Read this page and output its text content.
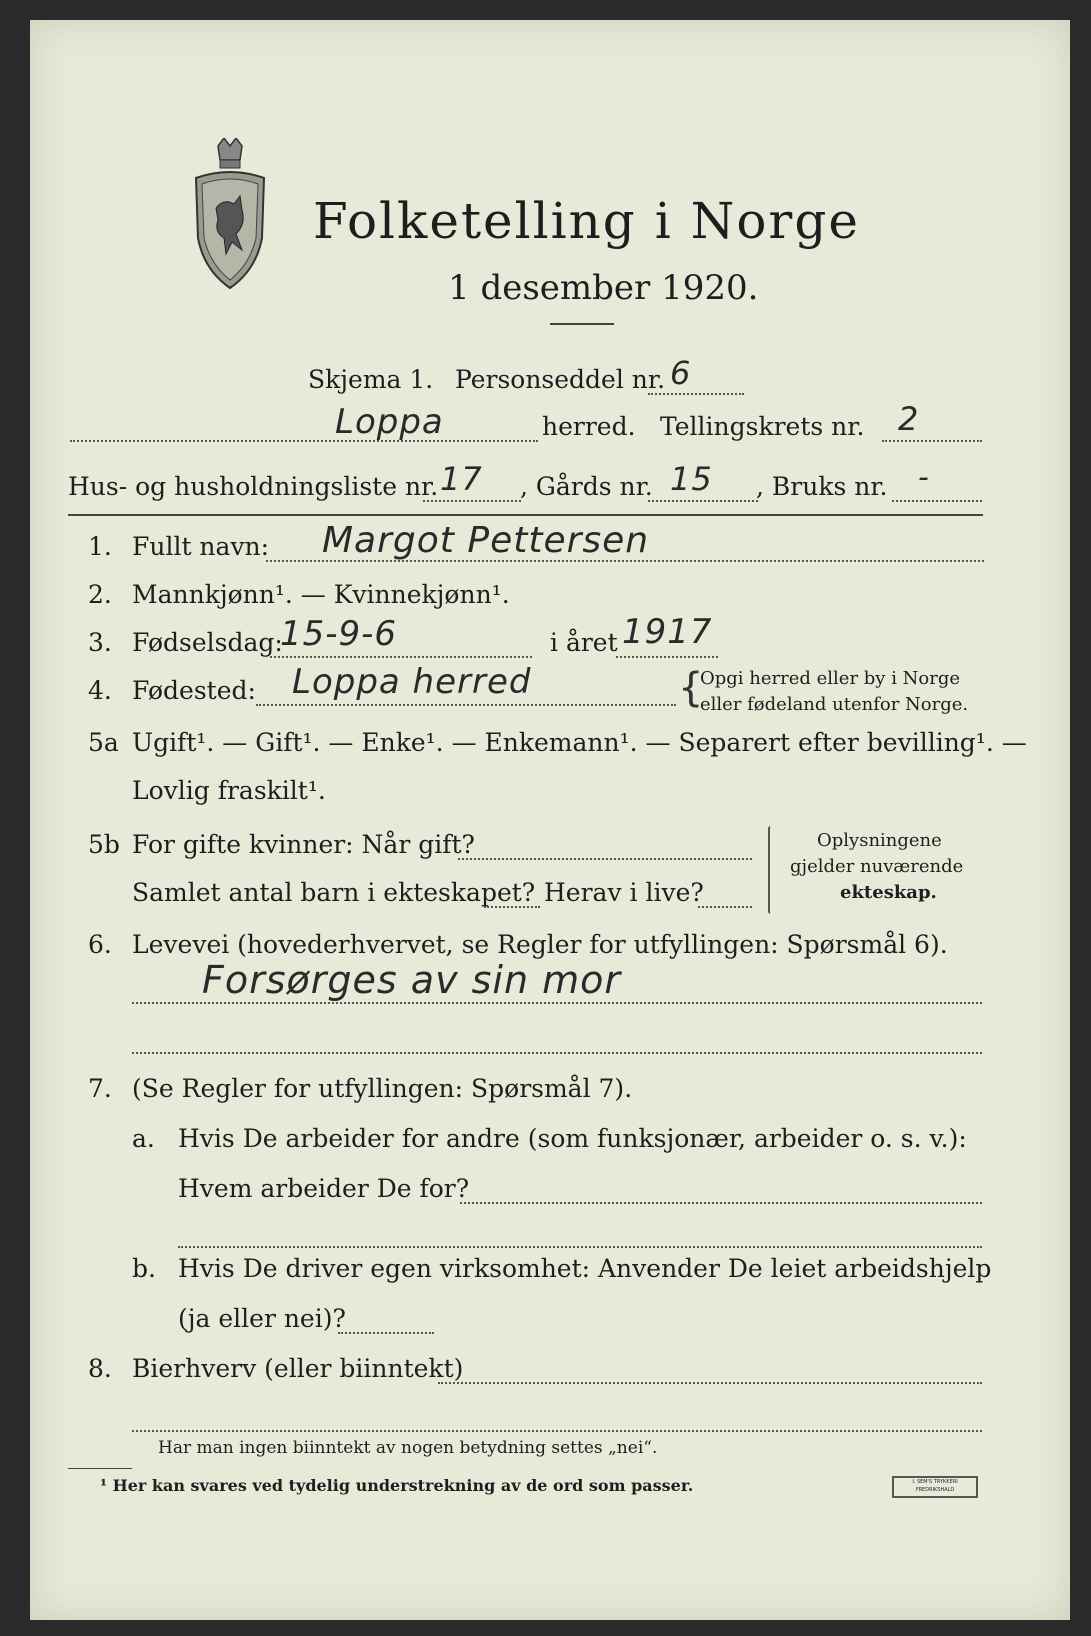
Folketelling i Norge
1 desember 1920.
Skjema 1. Personseddel nr. 6
Loppa	herred. Tellingskrets nr. 2
Hus- og husholdningsliste nr. 17 , Gårds nr. 15 , Bruks nr. -
1. Fullt navn: Margot Pettersen
2. Mannkjønn¹. — Kvinnekjønn¹.
3. Fødselsdag:
15-9-6	i året 1917
4. Fødested: Loppa herred	{
Opgi herred eller by i Norge
eller fødeland utenfor Norge.
5a Ugift¹. — Gift¹. — Enke¹. — Enkemann¹. — Separert efter bevilling¹. —
Lovlig fraskilt¹.
5b For gifte kvinner: Når gift?
Samlet antal barn i ekteskapet? Herav i live?
Oplysningene
gjelder nuværende
ekteskap.
6. Levevei (hovederhvervet, se Regler for utfyllingen: Spørsmål 6).
Forsørges av sin mor
7. (Se Regler for utfyllingen: Spørsmål 7).
a. Hvis De arbeider for andre (som funksjonær, arbeider o. s. v.):
Hvem arbeider De for?
b. Hvis De driver egen virksomhet: Anvender De leiet arbeidshjelp
(ja eller nei)?
8. Bierhverv (eller biinntekt)
Har man ingen biinntekt av nogen betydning settes „nei“.
¹ Her kan svares ved tydelig understrekning av de ord som passer.	I. SEM'S TRYKKERI FREDRIKSHALD
